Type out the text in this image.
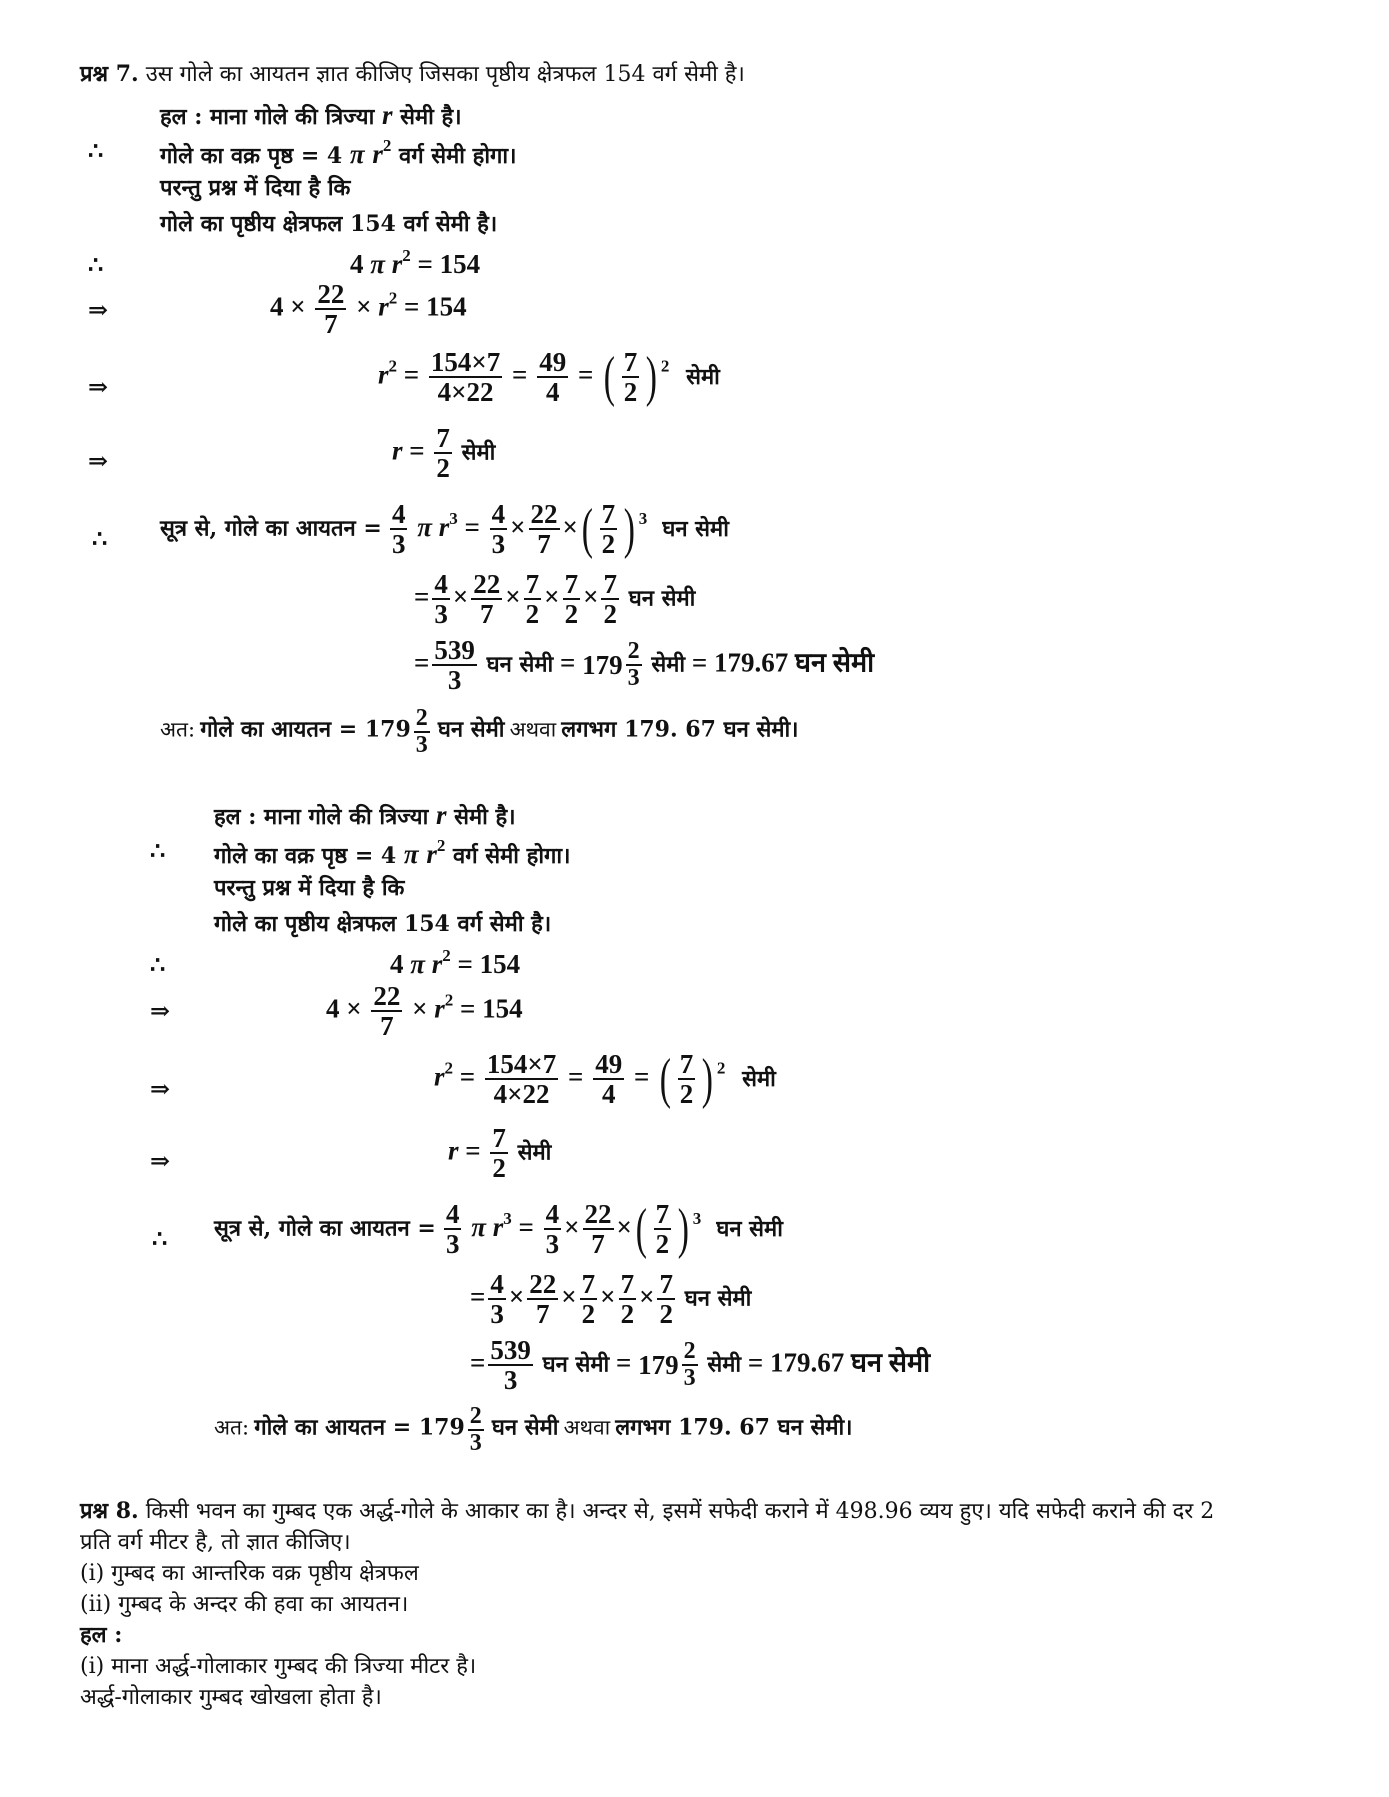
प्रश्न 7. उस गोले का आयतन ज्ञात कीजिए जिसका पृष्ठीय क्षेत्रफल 154 वर्ग सेमी है।
हल : माना गोले की त्रिज्या r सेमी है।
∴	गोले का वक्र पृष्ठ = 4 π $r^2$ वर्ग सेमी होगा।
परन्तु प्रश्न में दिया है कि
गोले का पृष्ठीय क्षेत्रफल 154 वर्ग सेमी है।
∴	4 π $r^2 = 154$
⇒	$4 \times \frac{22}{7} \times r^2 = 154$
⇒	$r^2 = \frac{154\times 7}{4\times 22} = \frac{49}{4}$ = ( $\frac{7}{2}$ ) $^2$ सेमी
⇒	$r = \frac{7}{2}$ सेमी
∴ सूत्र से, गोले का आयतन = $\frac{4}{3}$ π $r^3 = \frac{4}{3} \times \frac{22}{7}$ × ( $\frac{7}{2}$ ) $^3$ घन सेमी
= $\frac{4}{3} \times \frac{22}{7} \times \frac{7}{2} \times \frac{7}{2} \times \frac{7}{2}$ घन सेमी
= $\frac{539}{3}$ घन सेमी = $179 \frac{2}{3}$ सेमी = 179.67 घन सेमी
अत: गोले का आयतन = $179 \frac{2}{3}$ घन सेमी अथवा लगभग 179. 67 घन सेमी।
हल : माना गोले की त्रिज्या r सेमी है।
∴ गोले का वक्र पृष्ठ = 4 π $r^2$ वर्ग सेमी होगा।
परन्तु प्रश्न में दिया है कि
गोले का पृष्ठीय क्षेत्रफल 154 वर्ग सेमी है।
∴	4 π $r^2 = 154$
⇒	$4 \times \frac{22}{7} \times r^2 = 154$
⇒	$r^2 = \frac{154\times 7}{4\times 22} = \frac{49}{4}$ = ( $\frac{7}{2}$ ) $^2$ सेमी
⇒	$r = \frac{7}{2}$ सेमी
∴ सूत्र से, गोले का आयतन = $\frac{4}{3}$ π $r^3 = \frac{4}{3} \times \frac{22}{7}$ × ( $\frac{7}{2}$ ) $^3$ घन सेमी
= $\frac{4}{3} \times \frac{22}{7} \times \frac{7}{2} \times \frac{7}{2} \times \frac{7}{2}$ घन सेमी
= $\frac{539}{3}$ घन सेमी = $179 \frac{2}{3}$ सेमी = 179.67 घन सेमी
अत: गोले का आयतन = $179 \frac{2}{3}$ घन सेमी अथवा लगभग 179. 67 घन सेमी।
प्रश्न 8. किसी भवन का गुम्बद एक अर्द्ध-गोले के आकार का है। अन्दर से, इसमें सफेदी कराने में 498.96 व्यय हुए। यदि सफेदी कराने की दर 2
प्रति वर्ग मीटर है, तो ज्ञात कीजिए।
(i) गुम्बद का आन्तरिक वक्र पृष्ठीय क्षेत्रफल
(ii) गुम्बद के अन्दर की हवा का आयतन।
हल :
(i) माना अर्द्ध-गोलाकार गुम्बद की त्रिज्या मीटर है।
अर्द्ध-गोलाकार गुम्बद खोखला होता है।
